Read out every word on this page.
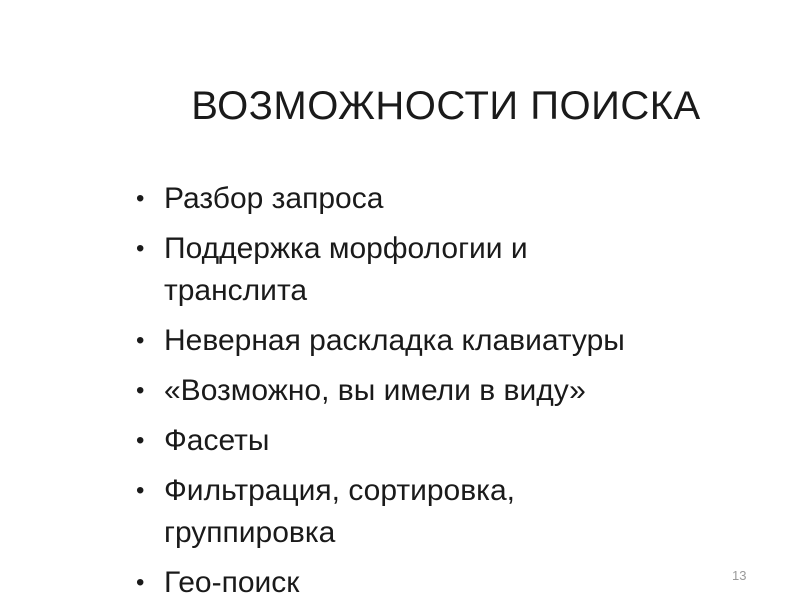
ВОЗМОЖНОСТИ ПОИСКА
• Разбор запроса
• Поддержка морфологии и
транслита
• Неверная раскладка клавиатуры
• «Возможно, вы имели в виду»
• Фасеты
• Фильтрация, сортировка,
группировка
• Гео-поиск	13
